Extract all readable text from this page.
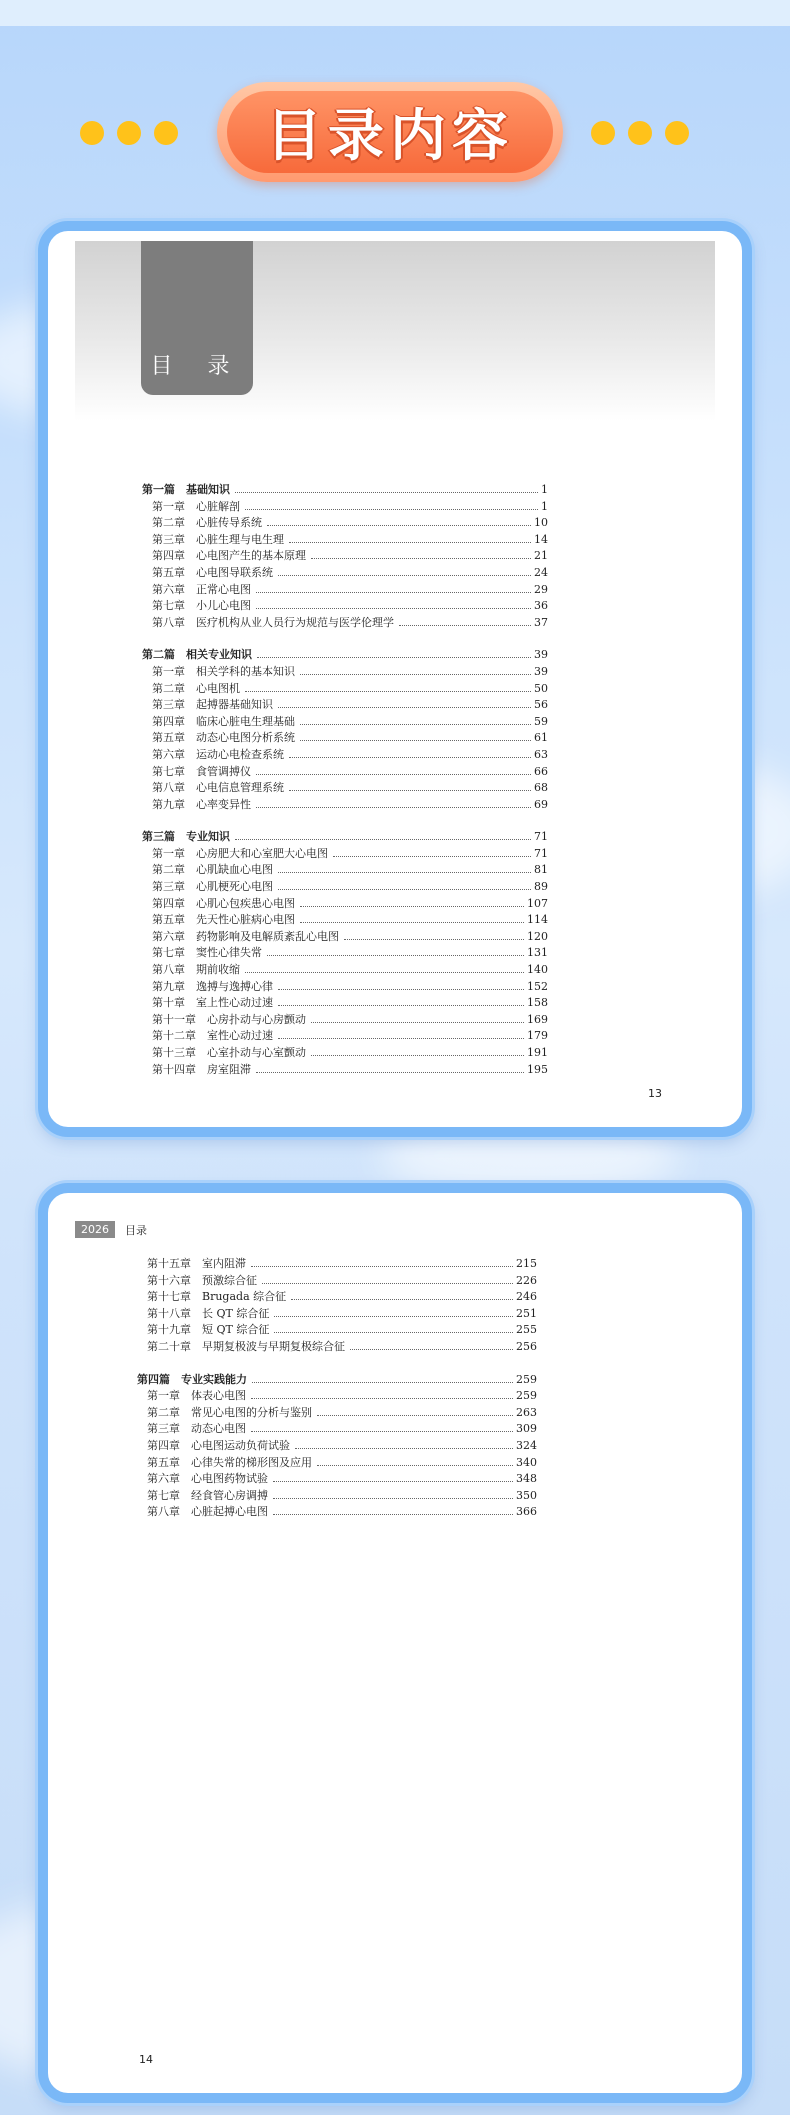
目录内容
目 录
第一篇　基础知识	1
第一章　心脏解剖	1
第二章　心脏传导系统	10
第三章　心脏生理与电生理	14
第四章　心电图产生的基本原理	21
第五章　心电图导联系统	24
第六章　正常心电图	29
第七章　小儿心电图	36
第八章　医疗机构从业人员行为规范与医学伦理学	37
第二篇　相关专业知识	39
第一章　相关学科的基本知识	39
第二章　心电图机	50
第三章　起搏器基础知识	56
第四章　临床心脏电生理基础	59
第五章　动态心电图分析系统	61
第六章　运动心电检查系统	63
第七章　食管调搏仪	66
第八章　心电信息管理系统	68
第九章　心率变异性	69
第三篇　专业知识	71
第一章　心房肥大和心室肥大心电图	71
第二章　心肌缺血心电图	81
第三章　心肌梗死心电图	89
第四章　心肌心包疾患心电图	107
第五章　先天性心脏病心电图	114
第六章　药物影响及电解质紊乱心电图	120
第七章　窦性心律失常	131
第八章　期前收缩	140
第九章　逸搏与逸搏心律	152
第十章　室上性心动过速	158
第十一章　心房扑动与心房颤动	169
第十二章　室性心动过速	179
第十三章　心室扑动与心室颤动	191
第十四章　房室阻滞	195
13
2026	目录
第十五章　室内阻滞	215
第十六章　预激综合征	226
第十七章　Brugada 综合征	246
第十八章　长 QT 综合征	251
第十九章　短 QT 综合征	255
第二十章　早期复极波与早期复极综合征	256
第四篇　专业实践能力	259
第一章　体表心电图	259
第二章　常见心电图的分析与鉴别	263
第三章　动态心电图	309
第四章　心电图运动负荷试验	324
第五章　心律失常的梯形图及应用	340
第六章　心电图药物试验	348
第七章　经食管心房调搏	350
第八章　心脏起搏心电图	366
14
